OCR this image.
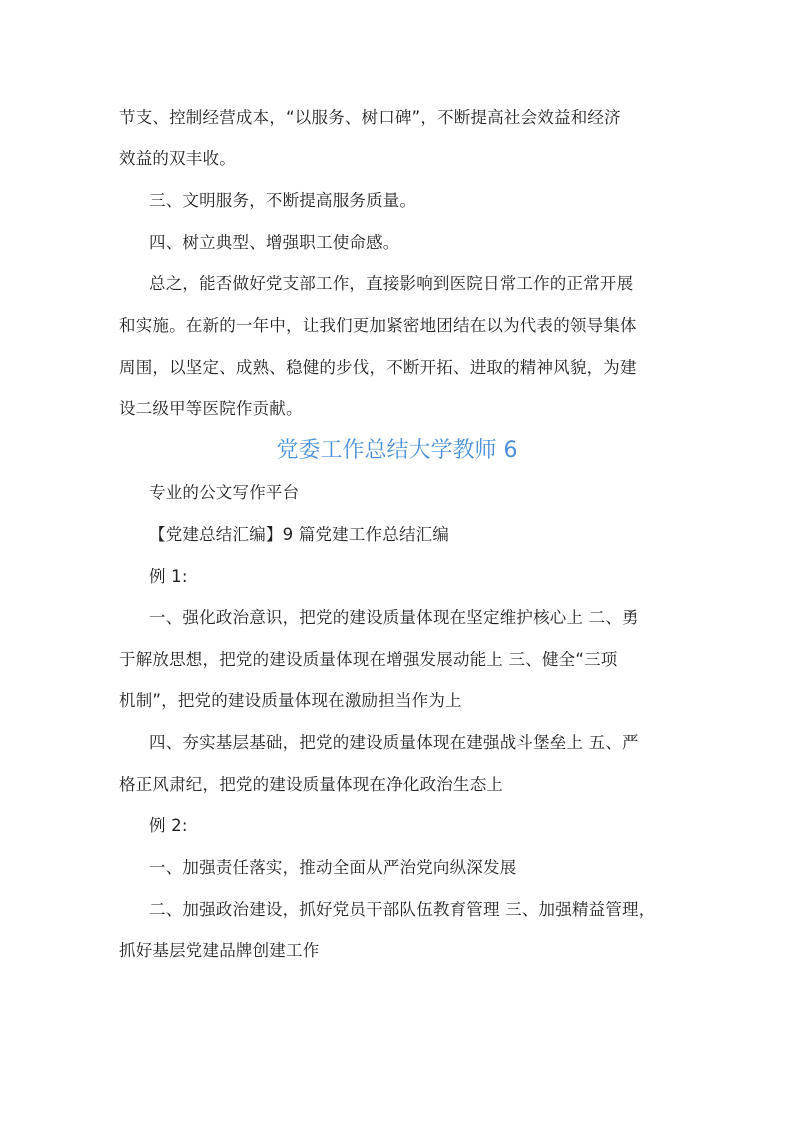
节支、控制经营成本，“以服务、树口碑”，不断提高社会效益和经济
效益的双丰收。
三、文明服务，不断提高服务质量。
四、树立典型、增强职工使命感。
总之，能否做好党支部工作，直接影响到医院日常工作的正常开展
和实施。在新的一年中，让我们更加紧密地团结在以为代表的领导集体
周围，以坚定、成熟、稳健的步伐，不断开拓、进取的精神风貌，为建
设二级甲等医院作贡献。
党委工作总结大学教师 6
专业的公文写作平台
【党建总结汇编】9 篇党建工作总结汇编
例 1:
一、强化政治意识，把党的建设质量体现在坚定维护核心上 二、勇
于解放思想，把党的建设质量体现在增强发展动能上 三、健全“三项
机制”，把党的建设质量体现在激励担当作为上
四、夯实基层基础，把党的建设质量体现在建强战斗堡垒上 五、严
格正风肃纪，把党的建设质量体现在净化政治生态上
例 2:
一、加强责任落实，推动全面从严治党向纵深发展
二、加强政治建设，抓好党员干部队伍教育管理 三、加强精益管理，
抓好基层党建品牌创建工作
